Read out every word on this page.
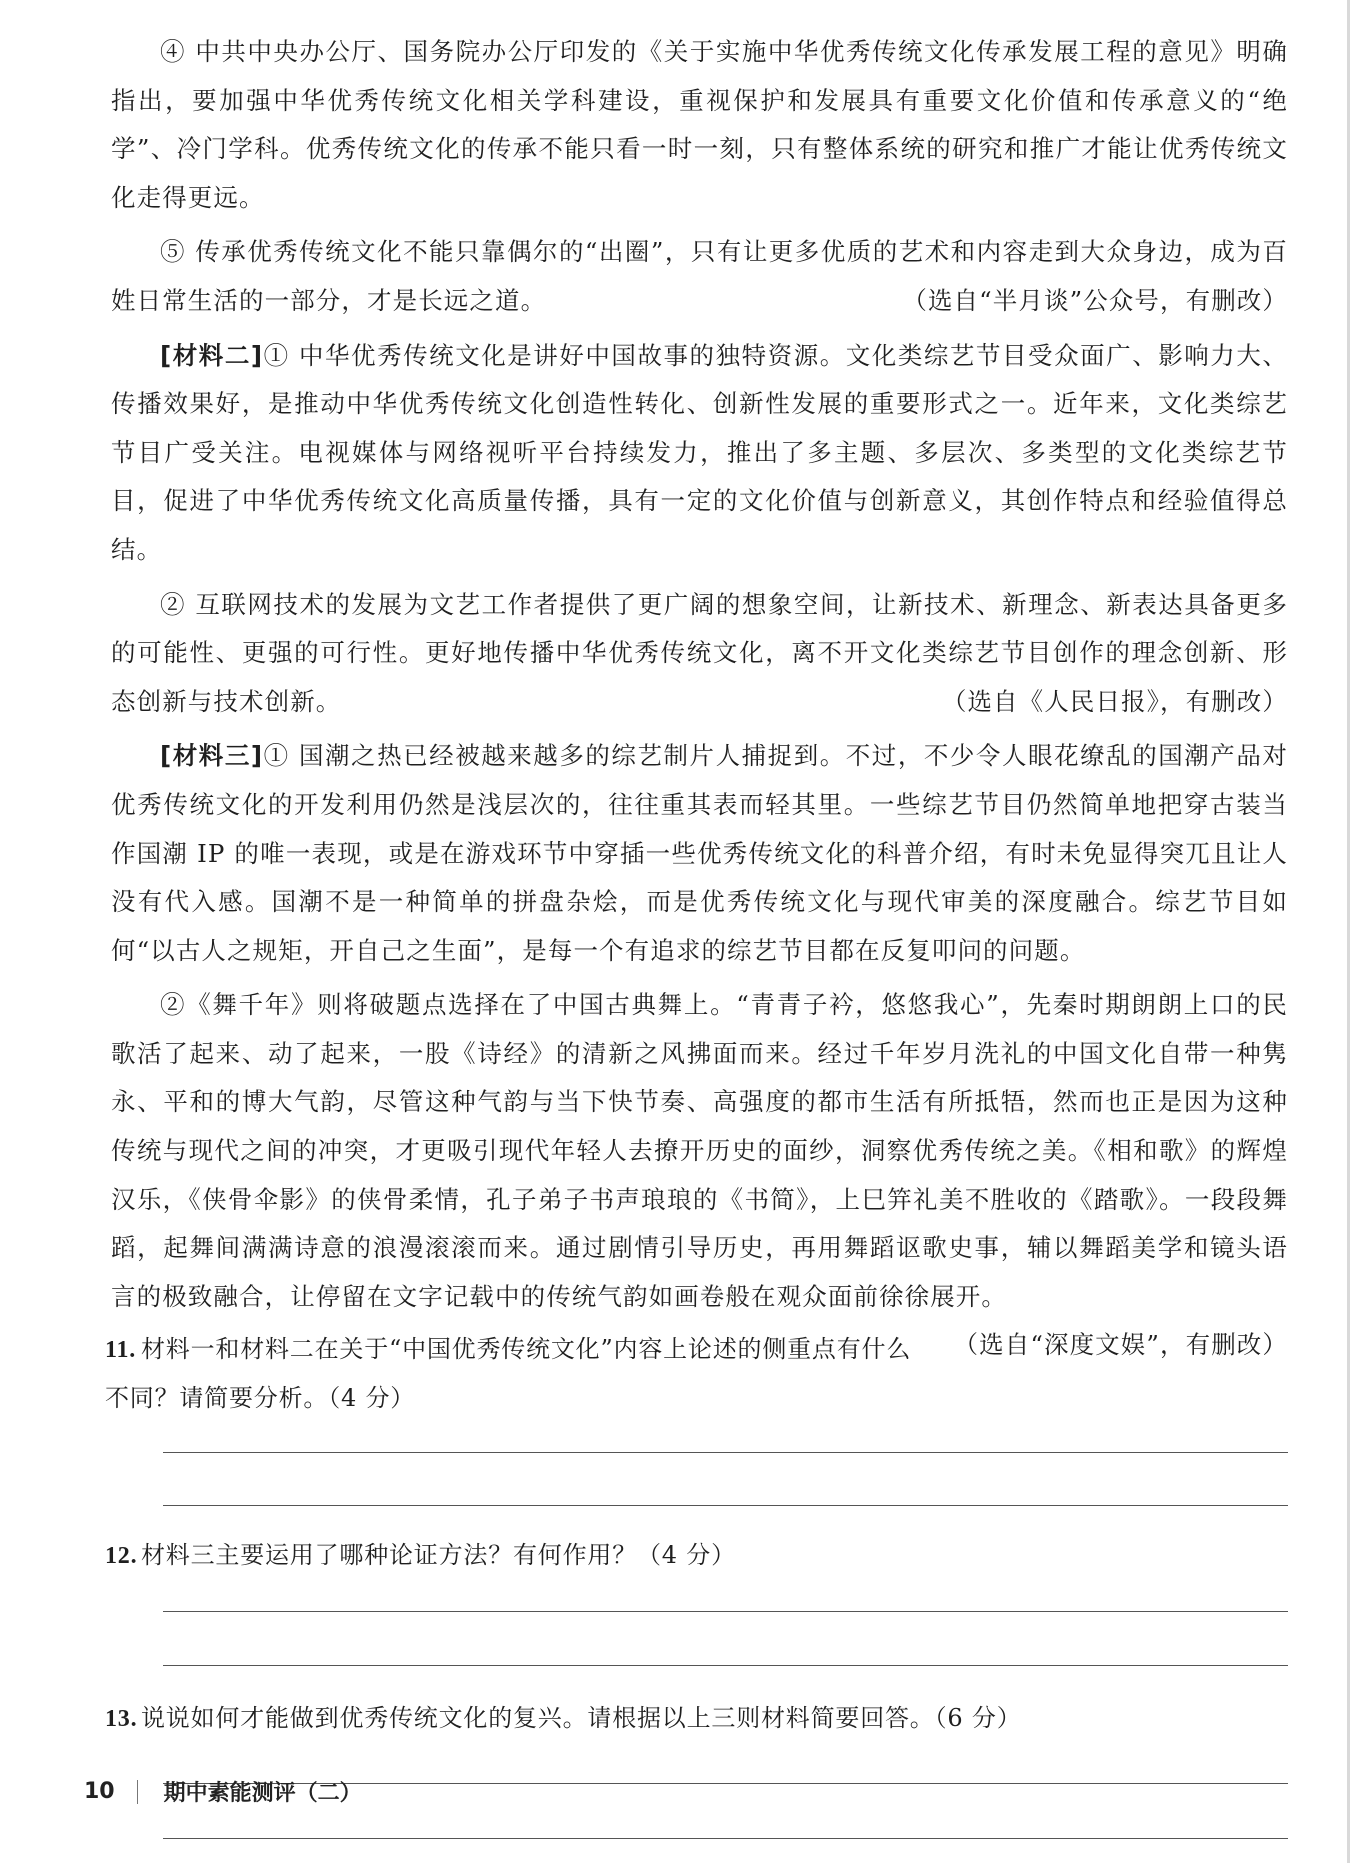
④ 中共中央办公厅、国务院办公厅印发的《关于实施中华优秀传统文化传承发展工程的意见》明确指出，要加强中华优秀传统文化相关学科建设，重视保护和发展具有重要文化价值和传承意义的“绝学”、冷门学科。优秀传统文化的传承不能只看一时一刻，只有整体系统的研究和推广才能让优秀传统文化走得更远。

⑤ 传承优秀传统文化不能只靠偶尔的“出圈”，只有让更多优质的艺术和内容走到大众身边，成为百姓日常生活的一部分，才是长远之道。	（选自“半月谈”公众号，有删改）

[材料二]① 中华优秀传统文化是讲好中国故事的独特资源。文化类综艺节目受众面广、影响力大、传播效果好，是推动中华优秀传统文化创造性转化、创新性发展的重要形式之一。近年来，文化类综艺节目广受关注。电视媒体与网络视听平台持续发力，推出了多主题、多层次、多类型的文化类综艺节目，促进了中华优秀传统文化高质量传播，具有一定的文化价值与创新意义，其创作特点和经验值得总结。

② 互联网技术的发展为文艺工作者提供了更广阔的想象空间，让新技术、新理念、新表达具备更多的可能性、更强的可行性。更好地传播中华优秀传统文化，离不开文化类综艺节目创作的理念创新、形态创新与技术创新。	（选自《人民日报》，有删改）

[材料三]① 国潮之热已经被越来越多的综艺制片人捕捉到。不过，不少令人眼花缭乱的国潮产品对优秀传统文化的开发利用仍然是浅层次的，往往重其表而轻其里。一些综艺节目仍然简单地把穿古装当作国潮 IP 的唯一表现，或是在游戏环节中穿插一些优秀传统文化的科普介绍，有时未免显得突兀且让人没有代入感。国潮不是一种简单的拼盘杂烩，而是优秀传统文化与现代审美的深度融合。综艺节目如何“以古人之规矩，开自己之生面”，是每一个有追求的综艺节目都在反复叩问的问题。

②《舞千年》则将破题点选择在了中国古典舞上。“青青子衿，悠悠我心”，先秦时期朗朗上口的民歌活了起来、动了起来，一股《诗经》的清新之风拂面而来。经过千年岁月洗礼的中国文化自带一种隽永、平和的博大气韵，尽管这种气韵与当下快节奏、高强度的都市生活有所抵牾，然而也正是因为这种传统与现代之间的冲突，才更吸引现代年轻人去撩开历史的面纱，洞察优秀传统之美。《相和歌》的辉煌汉乐，《侠骨伞影》的侠骨柔情，孔子弟子书声琅琅的《书简》，上巳笄礼美不胜收的《踏歌》。一段段舞蹈，起舞间满满诗意的浪漫滚滚而来。通过剧情引导历史，再用舞蹈讴歌史事，辅以舞蹈美学和镜头语言的极致融合，让停留在文字记载中的传统气韵如画卷般在观众面前徐徐展开。
（选自“深度文娱”，有删改）

11. 材料一和材料二在关于“中国优秀传统文化”内容上论述的侧重点有什么不同？请简要分析。（4 分）

12. 材料三主要运用了哪种论证方法？有何作用？（4 分）

13. 说说如何才能做到优秀传统文化的复兴。请根据以上三则材料简要回答。（6 分）

10 期中素能测评（二）
